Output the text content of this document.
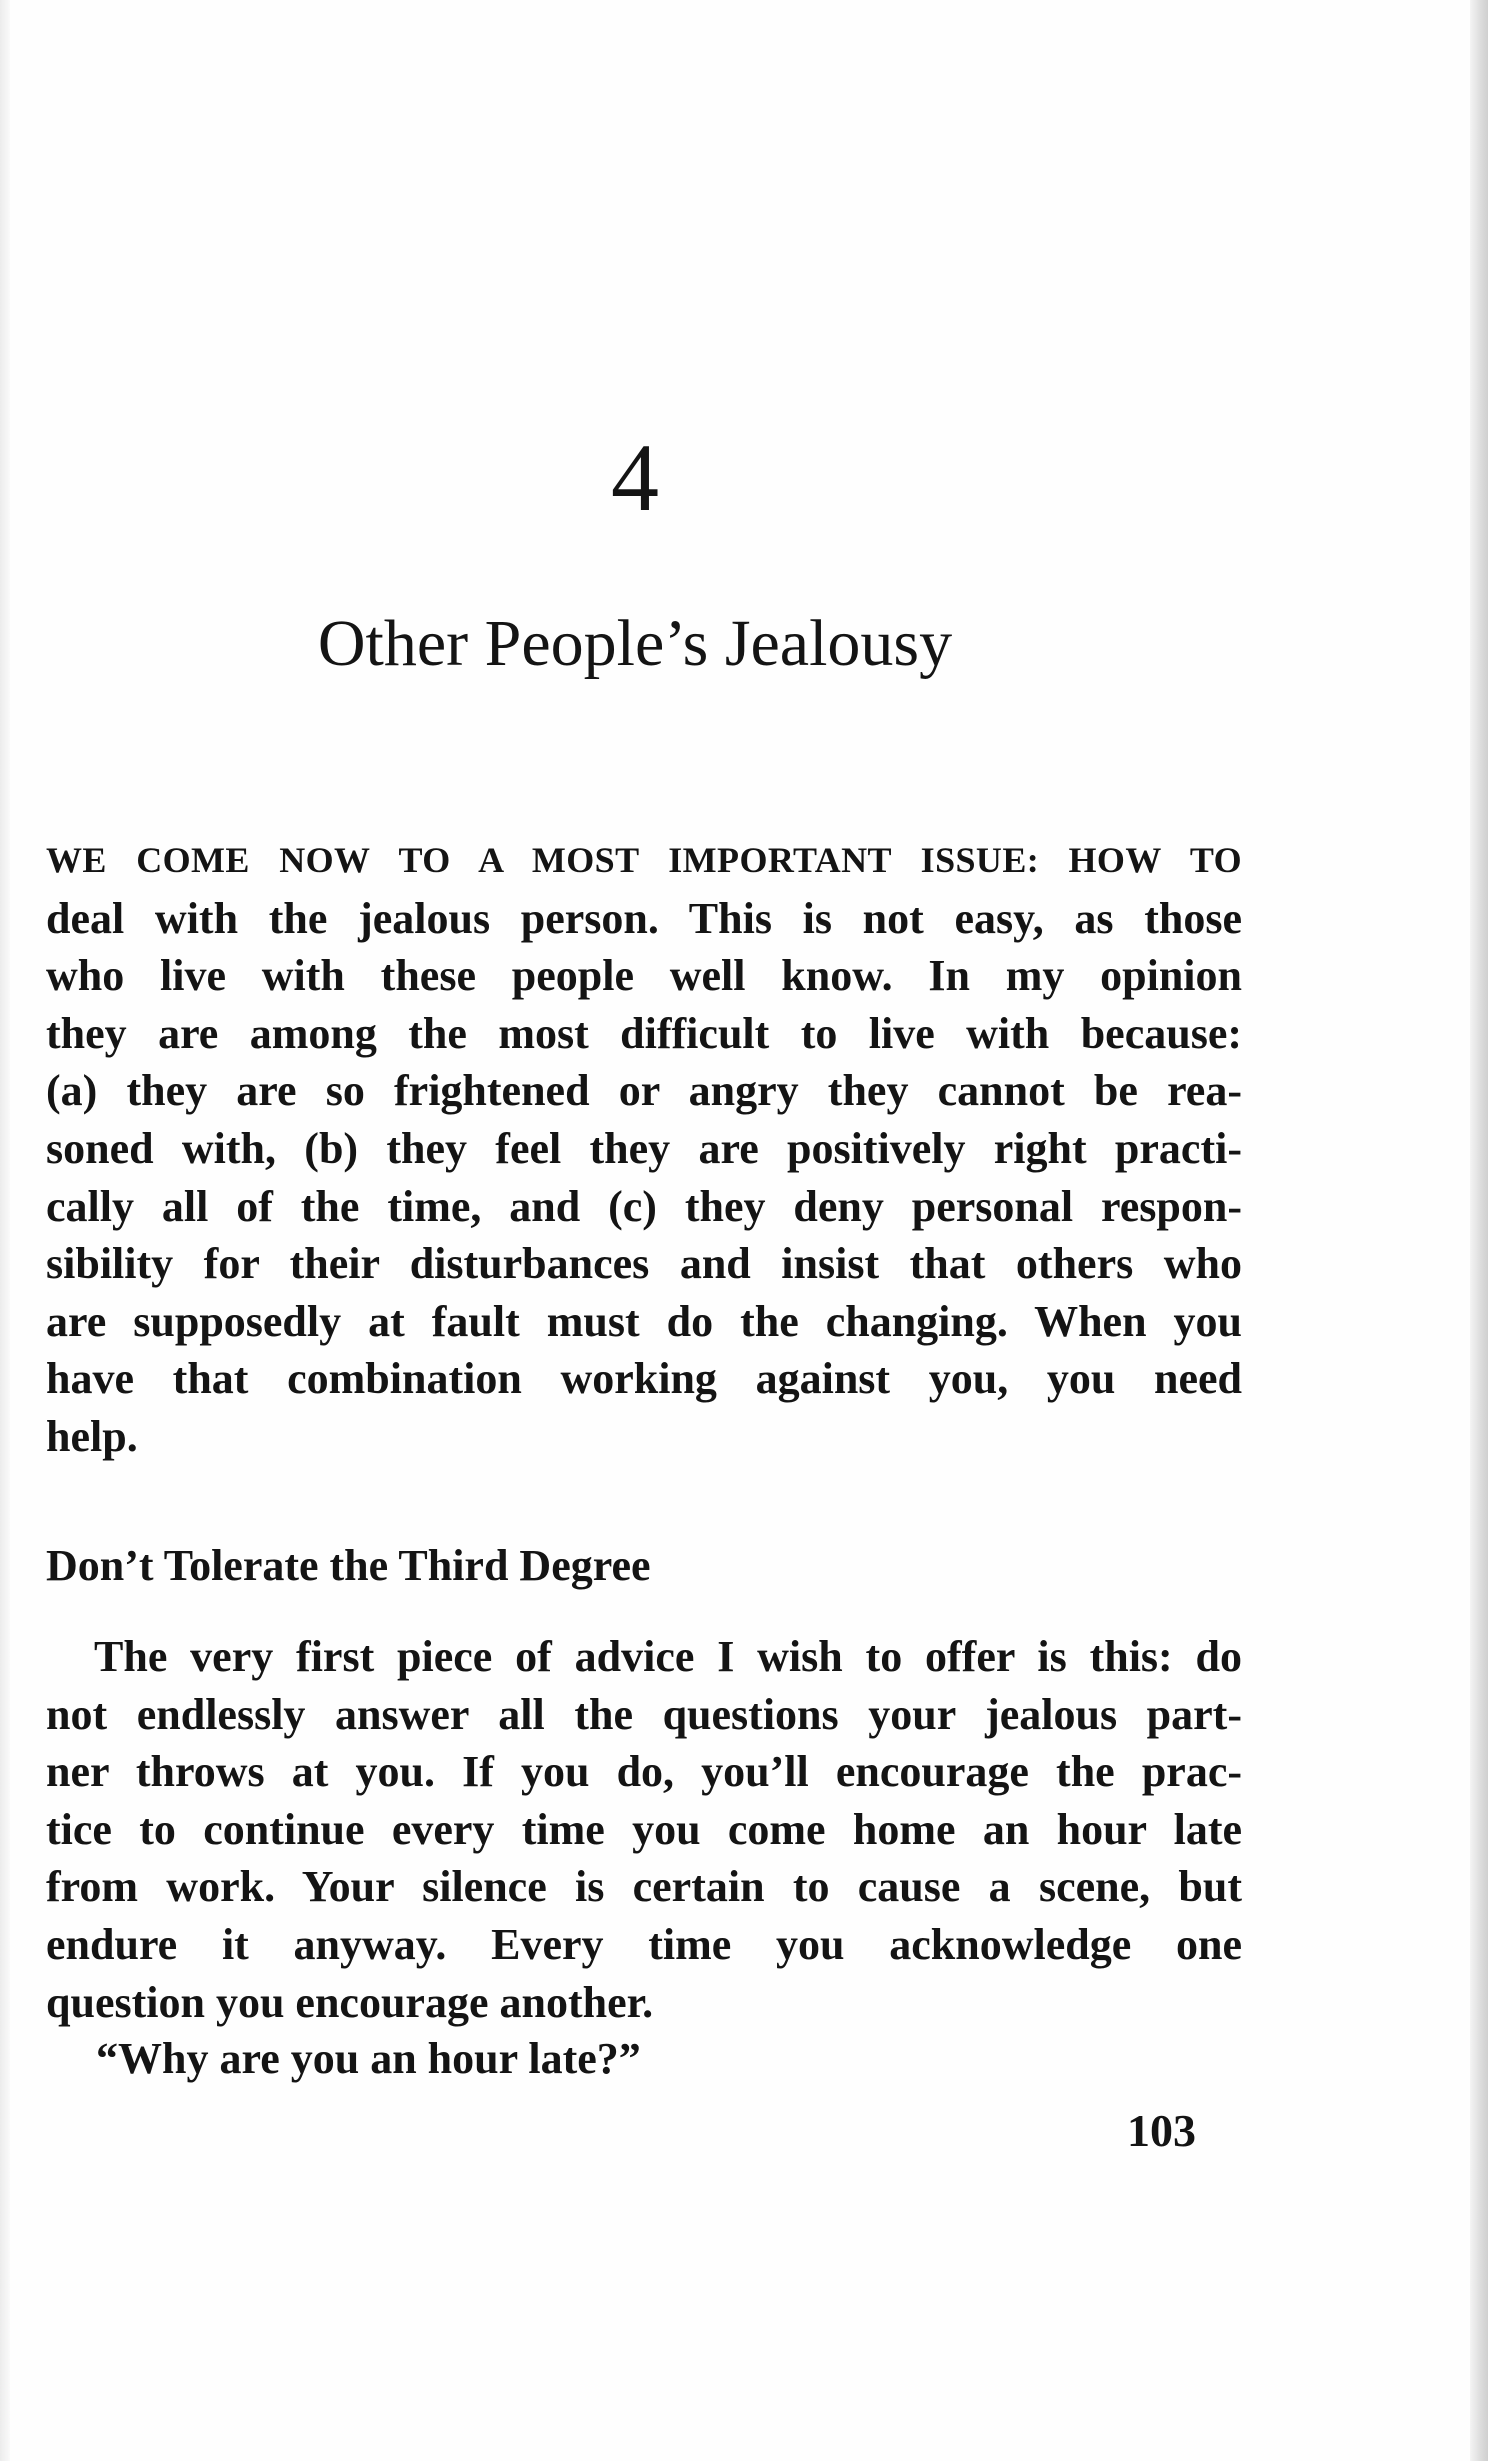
4
Other People’s Jealousy
WE COME NOW TO A MOST IMPORTANT ISSUE: HOW TO
deal with the jealous person. This is not easy, as those
who live with these people well know. In my opinion
they are among the most difficult to live with because:
(a) they are so frightened or angry they cannot be rea-
soned with, (b) they feel they are positively right practi-
cally all of the time, and (c) they deny personal respon-
sibility for their disturbances and insist that others who
are supposedly at fault must do the changing. When you
have that combination working against you, you need
help.
Don’t Tolerate the Third Degree
The very first piece of advice I wish to offer is this: do
not endlessly answer all the questions your jealous part-
ner throws at you. If you do, you’ll encourage the prac-
tice to continue every time you come home an hour late
from work. Your silence is certain to cause a scene, but
endure it anyway. Every time you acknowledge one
question you encourage another.
“Why are you an hour late?”
103
